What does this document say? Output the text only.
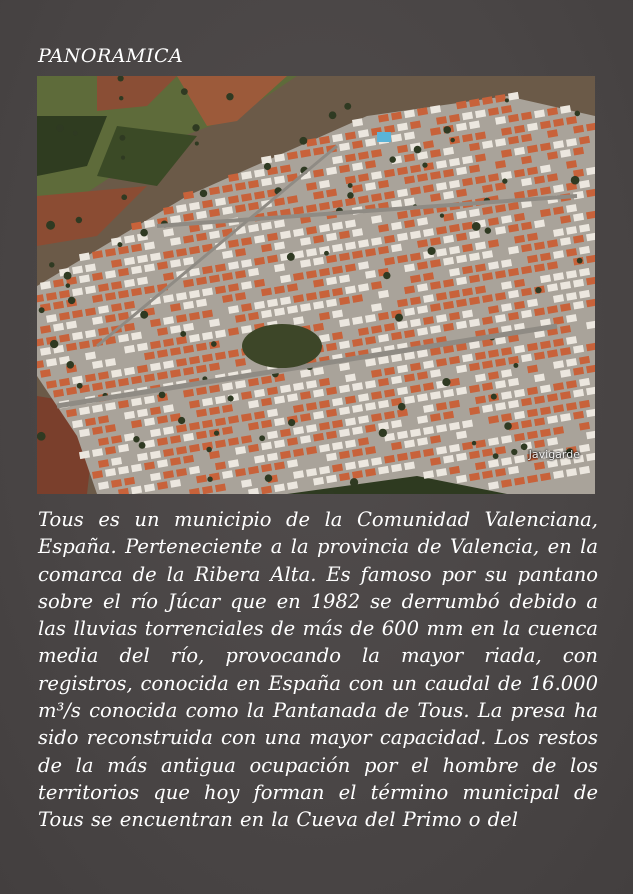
PANORAMICA
Javigarde

Tous es un municipio de la Comunidad Valenciana, España. Perteneciente a la provincia de Valencia, en la comarca de la Ribera Alta. Es famoso por su pantano sobre el río Júcar que en 1982 se derrumbó debido a las lluvias torrenciales de más de 600 mm en la cuenca media del río, provocando la mayor riada, con registros, conocida en España con un caudal de 16.000 m³/s conocida como la Pantanada de Tous. La presa ha sido reconstruida con una mayor capacidad. Los restos de la más antigua ocupación por el hombre de los territorios que hoy forman el término municipal de Tous se encuentran en la Cueva del Primo o del
